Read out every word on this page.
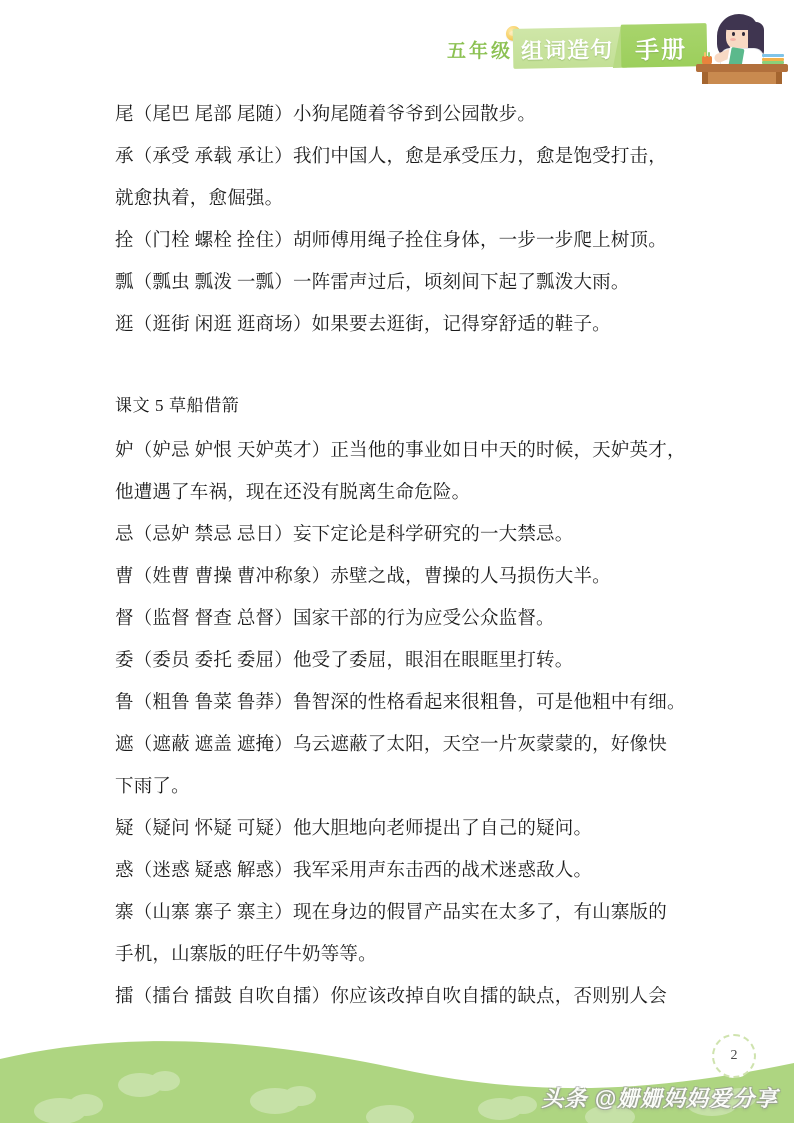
五年级 组词造句 手册
尾（尾巴 尾部 尾随）小狗尾随着爷爷到公园散步。
承（承受 承载 承让）我们中国人，愈是承受压力，愈是饱受打击，
就愈执着，愈倔强。
拴（门栓 螺栓 拴住）胡师傅用绳子拴住身体，一步一步爬上树顶。
瓢（瓢虫 瓢泼 一瓢）一阵雷声过后，顷刻间下起了瓢泼大雨。
逛（逛街 闲逛 逛商场）如果要去逛街，记得穿舒适的鞋子。
课文 5 草船借箭
妒（妒忌 妒恨 天妒英才）正当他的事业如日中天的时候，天妒英才，
他遭遇了车祸，现在还没有脱离生命危险。
忌（忌妒 禁忌 忌日）妄下定论是科学研究的一大禁忌。
曹（姓曹 曹操 曹冲称象）赤壁之战，曹操的人马损伤大半。
督（监督 督查 总督）国家干部的行为应受公众监督。
委（委员 委托 委屈）他受了委屈，眼泪在眼眶里打转。
鲁（粗鲁 鲁菜 鲁莽）鲁智深的性格看起来很粗鲁，可是他粗中有细。
遮（遮蔽 遮盖 遮掩）乌云遮蔽了太阳，天空一片灰蒙蒙的，好像快
下雨了。
疑（疑问 怀疑 可疑）他大胆地向老师提出了自己的疑问。
惑（迷惑 疑惑 解惑）我军采用声东击西的战术迷惑敌人。
寨（山寨 寨子 寨主）现在身边的假冒产品实在太多了，有山寨版的
手机，山寨版的旺仔牛奶等等。
擂（擂台 擂鼓 自吹自擂）你应该改掉自吹自擂的缺点，否则别人会
2
头条 @姗姗妈妈爱分享
